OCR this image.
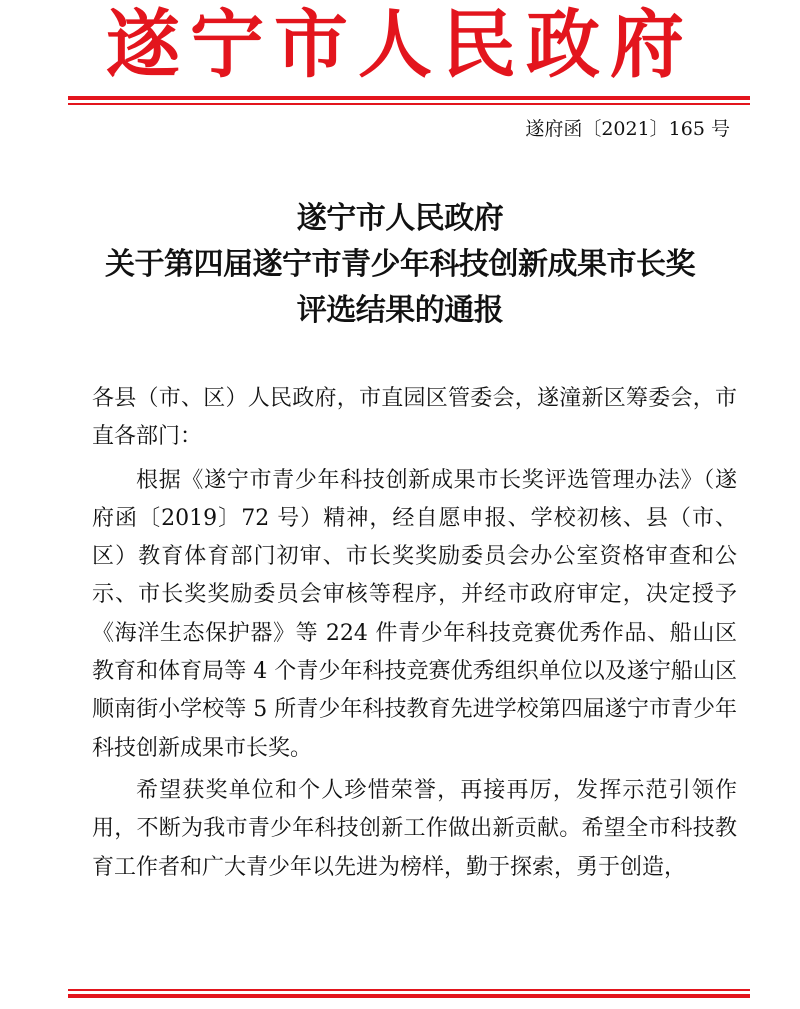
遂宁市人民政府
遂府函〔2021〕165 号
遂宁市人民政府
关于第四届遂宁市青少年科技创新成果市长奖
评选结果的通报

各县（市、区）人民政府，市直园区管委会，遂潼新区筹委会，市直各部门：

根据《遂宁市青少年科技创新成果市长奖评选管理办法》（遂府函〔2019〕72 号）精神，经自愿申报、学校初核、县（市、区）教育体育部门初审、市长奖奖励委员会办公室资格审查和公示、市长奖奖励委员会审核等程序，并经市政府审定，决定授予《海洋生态保护器》等 224 件青少年科技竞赛优秀作品、船山区教育和体育局等 4 个青少年科技竞赛优秀组织单位以及遂宁船山区顺南街小学校等 5 所青少年科技教育先进学校第四届遂宁市青少年科技创新成果市长奖。

希望获奖单位和个人珍惜荣誉，再接再厉，发挥示范引领作用，不断为我市青少年科技创新工作做出新贡献。希望全市科技教育工作者和广大青少年以先进为榜样，勤于探索，勇于创造，
